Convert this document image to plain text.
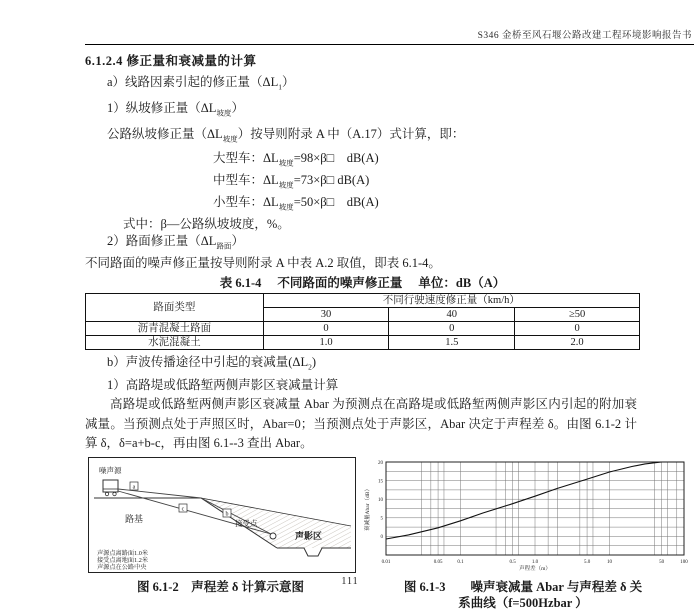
S346 金桥至风石堰公路改建工程环境影响报告书
6.1.2.4 修正量和衰减量的计算
a）线路因素引起的修正量$(\Delta L_1)$
1）纵坡修正量$(\Delta L_{坡度})$
公路纵坡修正量$(\Delta L_{坡度})$按导则附录 A 中（A.17）式计算，即：
大型车：$\Delta L_{坡度}=98\times\beta□$　dB(A)
中型车：$\Delta L_{坡度}=73\times\beta□$ dB(A)
小型车：$\Delta L_{坡度}=50\times\beta□$　dB(A)
式中：β—公路纵坡坡度，%。
2）路面修正量$(\Delta L_{路面})$
不同路面的噪声修正量按导则附录 A 中表 A.2 取值，即表 6.1-4。
表 6.1-4 不同路面的噪声修正量 单位：dB（A）
路面类型	不同行驶速度修正量（km/h）		
	30	40	≥50
沥青混凝土路面	0	0	0
水泥混凝土	1.0	1.5	2.0
b）声波传播途径中引起的衰减量$(\Delta L_2)$
1）高路堤或低路堑两侧声影区衰减量计算
高路堤或低路堑两侧声影区衰减量 Abar 为预测点在高路堤或低路堑两侧声影区内引起的附加衰减量。当预测点处于声照区时，Abar=0；当预测点处于声影区，Abar 决定于声程差 δ。由图 6.1-2 计算 δ，δ=a+b-c，再由图 6.1--3 查出 Abar。
a
c
b
噪声源
路基	接受点
声影区
声源点离路面1.0米
接受点离地面1.2米
声源点在公路中央
0.01	0.05	0.1	0.5	1.0	5.0	10	50	100
0
5
10
15
20
声程差（m）
衰减量Abar（dB）
图 6.1-2　 声程差 δ 计算示意图	图 6.1-3　　噪声衰减量 Abar 与声程差 δ 关
系曲线（f=500Hzbar ）
111
